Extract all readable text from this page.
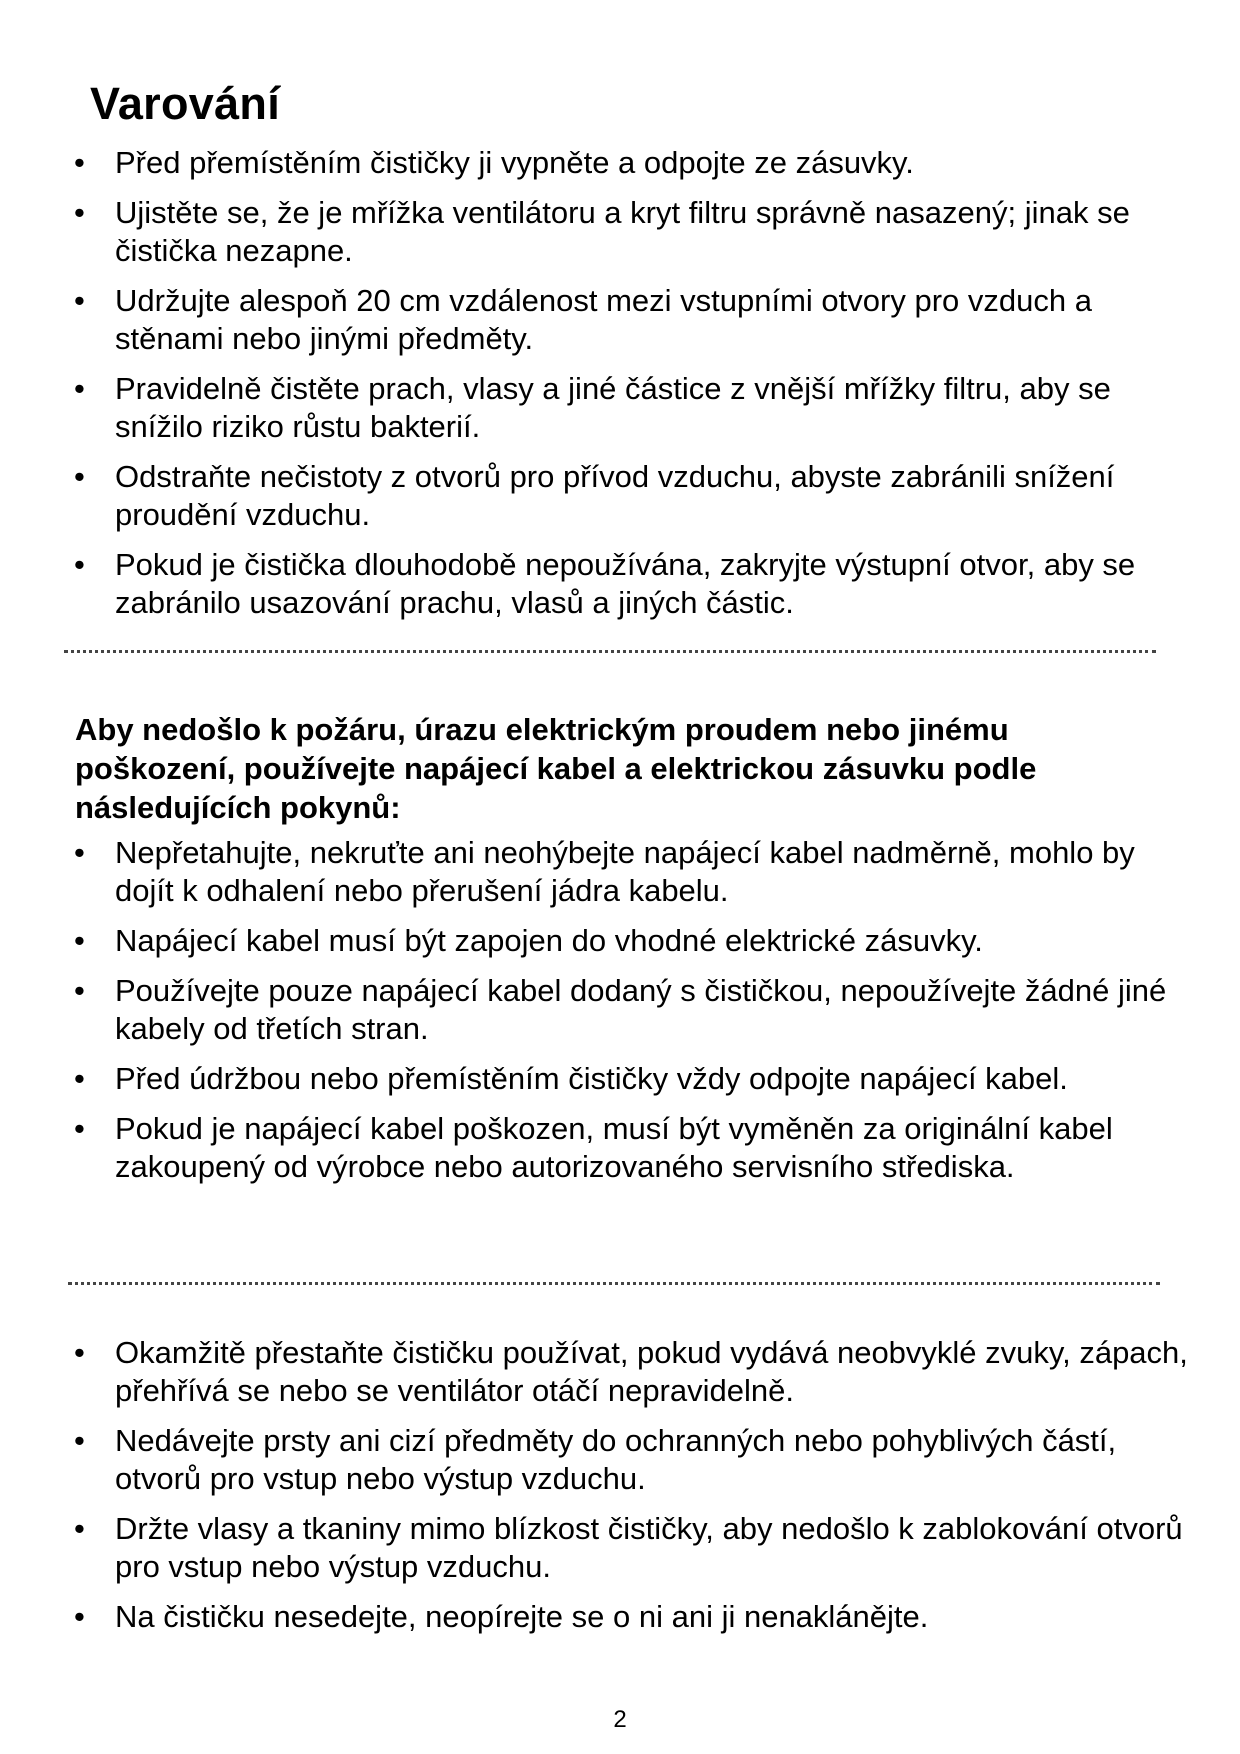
Varování
• Před přemístěním čističky ji vypněte a odpojte ze zásuvky.
• Ujistěte se, že je mřížka ventilátoru a kryt filtru správně nasazený; jinak se čistička nezapne.
• Udržujte alespoň 20 cm vzdálenost mezi vstupními otvory pro vzduch a stěnami nebo jinými předměty.
• Pravidelně čistěte prach, vlasy a jiné částice z vnější mřížky filtru, aby se snížilo riziko růstu bakterií.
• Odstraňte nečistoty z otvorů pro přívod vzduchu, abyste zabránili snížení proudění vzduchu.
• Pokud je čistička dlouhodobě nepoužívána, zakryjte výstupní otvor, aby se zabránilo usazování prachu, vlasů a jiných částic.
Aby nedošlo k požáru, úrazu elektrickým proudem nebo jinému poškození, používejte napájecí kabel a elektrickou zásuvku podle následujících pokynů:
• Nepřetahujte, nekruťte ani neohýbejte napájecí kabel nadměrně, mohlo by dojít k odhalení nebo přerušení jádra kabelu.
• Napájecí kabel musí být zapojen do vhodné elektrické zásuvky.
• Používejte pouze napájecí kabel dodaný s čističkou, nepoužívejte žádné jiné kabely od třetích stran.
• Před údržbou nebo přemístěním čističky vždy odpojte napájecí kabel.
• Pokud je napájecí kabel poškozen, musí být vyměněn za originální kabel zakoupený od výrobce nebo autorizovaného servisního střediska.
• Okamžitě přestaňte čističku používat, pokud vydává neobvyklé zvuky, zápach, přehřívá se nebo se ventilátor otáčí nepravidelně.
• Nedávejte prsty ani cizí předměty do ochranných nebo pohyblivých částí, otvorů pro vstup nebo výstup vzduchu.
• Držte vlasy a tkaniny mimo blízkost čističky, aby nedošlo k zablokování otvorů pro vstup nebo výstup vzduchu.
• Na čističku nesedejte, neopírejte se o ni ani ji nenaklánějte.
2
